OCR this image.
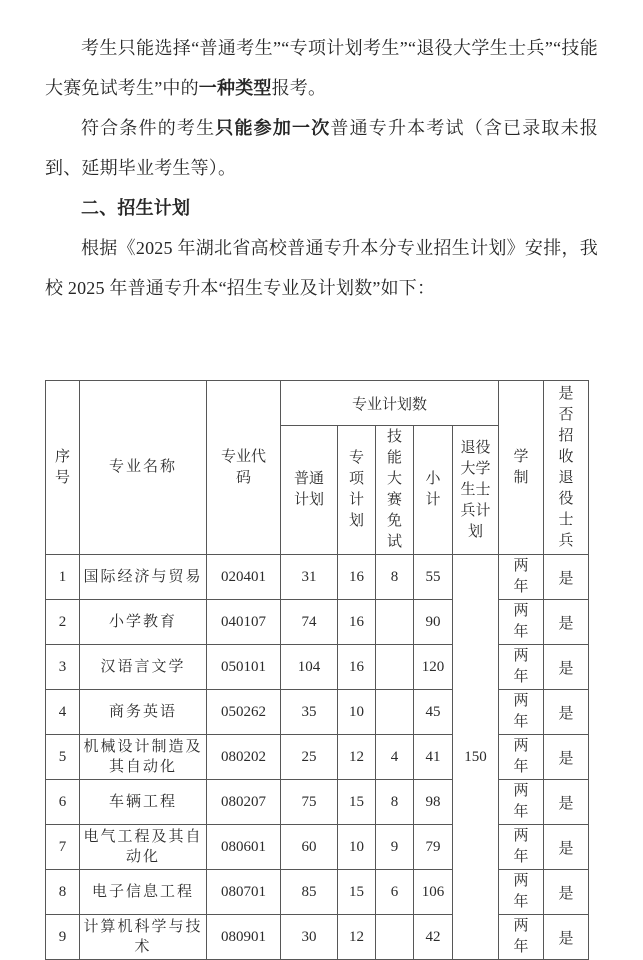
考生只能选择“普通考生”“专项计划考生”“退役大学生士兵”“技能大赛免试考生”中的一种类型报考。

符合条件的考生只能参加一次普通专升本考试（含已录取未报到、延期毕业考生等）。

二、招生计划

根据《2025 年湖北省高校普通专升本分专业招生计划》安排，我校 2025 年普通专升本“招生专业及计划数”如下：

序号	专业名称	专业代码	专业计划数					学制	是否招收退役士兵
			普通计划	专项计划	技能大赛免试	小计	退役大学生士兵计划		
1	国际经济与贸易	020401	31	16	8	55	150	两年	是
2	小学教育	040107	74	16		90		两年	是
3	汉语言文学	050101	104	16		120		两年	是
4	商务英语	050262	35	10		45		两年	是
5	机械设计制造及其自动化	080202	25	12	4	41		两年	是
6	车辆工程	080207	75	15	8	98		两年	是
7	电气工程及其自动化	080601	60	10	9	79		两年	是
8	电子信息工程	080701	85	15	6	106		两年	是
9	计算机科学与技术	080901	30	12		42		两年	是
